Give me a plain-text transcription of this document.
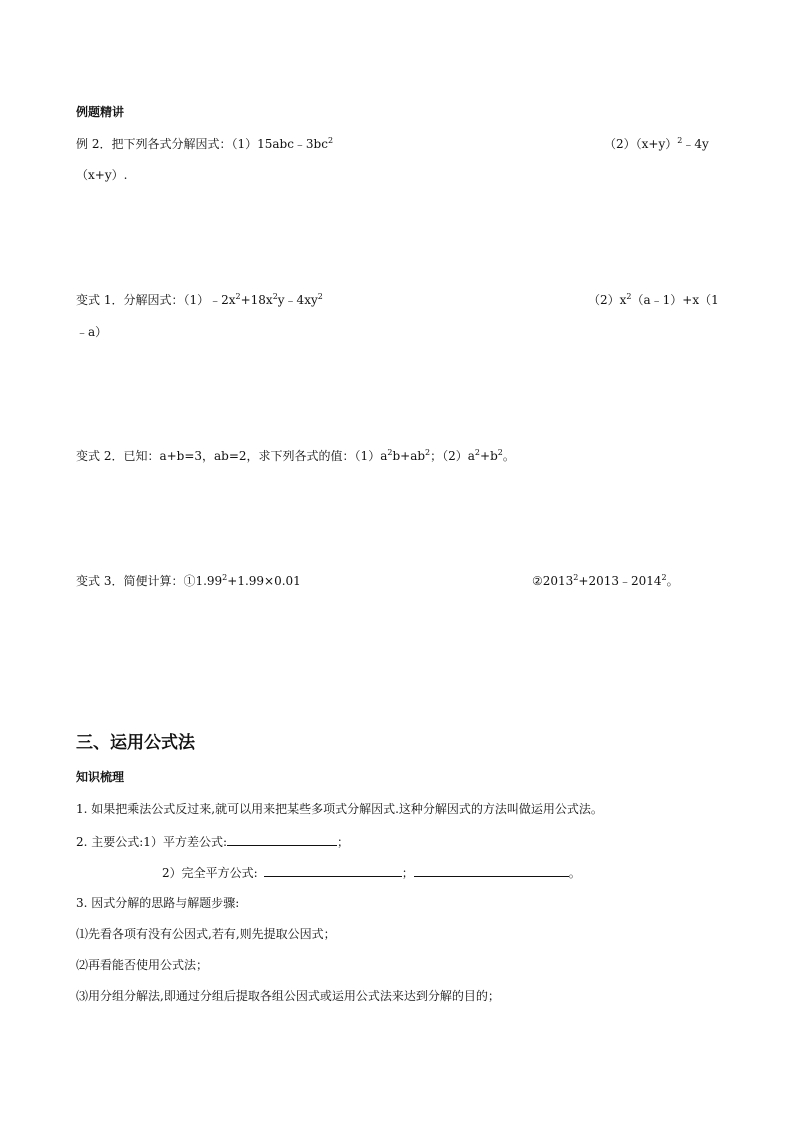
例题精讲
例 2．把下列各式分解因式：$(1)15abc﹣3bc^2$	$(2)(x+y)^2﹣4y$
（x+y）.
变式 1．分解因式：$(1)﹣2x^2+18x^2y﹣4xy^2$	$(2)x^2(a﹣1)+x(1$
﹣a）
变式 2．已知：a+b=3，ab=2，求下列各式的值：$(1)a^2b+ab^2$；$(2)a^2+b^2$。
变式 3．简便计算：$①1.99^2+1.99\times 0.01$	$②2013^2+2013﹣2014^2$。
三、运用公式法
知识梳理
1. 如果把乘法公式反过来,就可以用来把某些多项式分解因式.这种分解因式的方法叫做运用公式法。
2. 主要公式:1）平方差公式:	；
2）完全平方公式:	；	。
3. 因式分解的思路与解题步骤:
⑴先看各项有没有公因式,若有,则先提取公因式；
⑵再看能否使用公式法；
⑶用分组分解法,即通过分组后提取各组公因式或运用公式法来达到分解的目的；
